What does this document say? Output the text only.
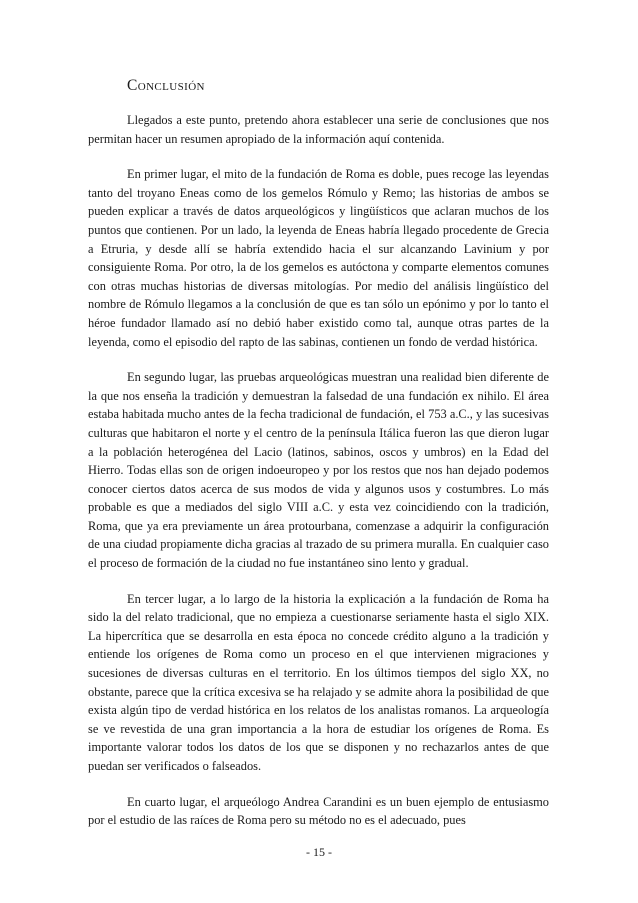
Conclusión

Llegados a este punto, pretendo ahora establecer una serie de conclusiones que nos permitan hacer un resumen apropiado de la información aquí contenida.

En primer lugar, el mito de la fundación de Roma es doble, pues recoge las leyendas tanto del troyano Eneas como de los gemelos Rómulo y Remo; las historias de ambos se pueden explicar a través de datos arqueológicos y lingüísticos que aclaran muchos de los puntos que contienen. Por un lado, la leyenda de Eneas habría llegado procedente de Grecia a Etruria, y desde allí se habría extendido hacia el sur alcanzando Lavinium y por consiguiente Roma. Por otro, la de los gemelos es autóctona y comparte elementos comunes con otras muchas historias de diversas mitologías. Por medio del análisis lingüístico del nombre de Rómulo llegamos a la conclusión de que es tan sólo un epónimo y por lo tanto el héroe fundador llamado así no debió haber existido como tal, aunque otras partes de la leyenda, como el episodio del rapto de las sabinas, contienen un fondo de verdad histórica.

En segundo lugar, las pruebas arqueológicas muestran una realidad bien diferente de la que nos enseña la tradición y demuestran la falsedad de una fundación ex nihilo. El área estaba habitada mucho antes de la fecha tradicional de fundación, el 753 a.C., y las sucesivas culturas que habitaron el norte y el centro de la península Itálica fueron las que dieron lugar a la población heterogénea del Lacio (latinos, sabinos, oscos y umbros) en la Edad del Hierro. Todas ellas son de origen indoeuropeo y por los restos que nos han dejado podemos conocer ciertos datos acerca de sus modos de vida y algunos usos y costumbres. Lo más probable es que a mediados del siglo VIII a.C. y esta vez coincidiendo con la tradición, Roma, que ya era previamente un área protourbana, comenzase a adquirir la configuración de una ciudad propiamente dicha gracias al trazado de su primera muralla. En cualquier caso el proceso de formación de la ciudad no fue instantáneo sino lento y gradual.

En tercer lugar, a lo largo de la historia la explicación a la fundación de Roma ha sido la del relato tradicional, que no empieza a cuestionarse seriamente hasta el siglo XIX. La hipercrítica que se desarrolla en esta época no concede crédito alguno a la tradición y entiende los orígenes de Roma como un proceso en el que intervienen migraciones y sucesiones de diversas culturas en el territorio. En los últimos tiempos del siglo XX, no obstante, parece que la crítica excesiva se ha relajado y se admite ahora la posibilidad de que exista algún tipo de verdad histórica en los relatos de los analistas romanos. La arqueología se ve revestida de una gran importancia a la hora de estudiar los orígenes de Roma. Es importante valorar todos los datos de los que se disponen y no rechazarlos antes de que puedan ser verificados o falseados.

En cuarto lugar, el arqueólogo Andrea Carandini es un buen ejemplo de entusiasmo por el estudio de las raíces de Roma pero su método no es el adecuado, pues

- 15 -
